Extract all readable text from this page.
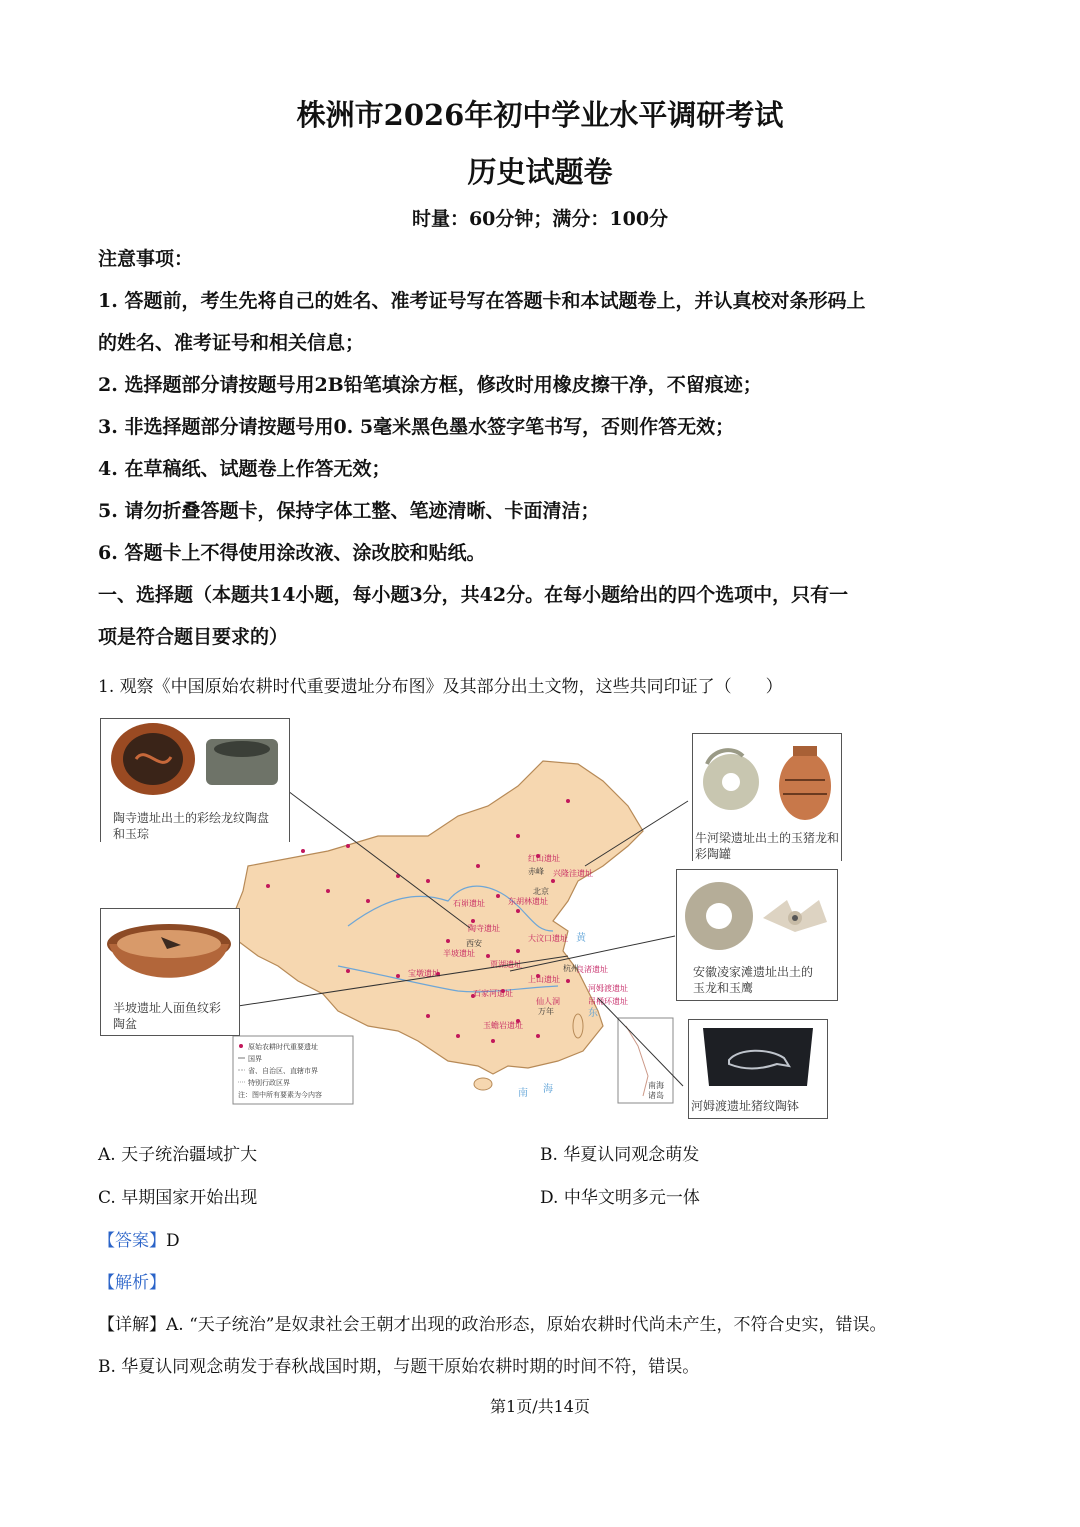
株洲市2026年初中学业水平调研考试
历史试题卷
时量：60分钟；满分：100分
注意事项：
1. 答题前，考生先将自己的姓名、准考证号写在答题卡和本试题卷上，并认真校对条形码上
的姓名、准考证号和相关信息；
2. 选择题部分请按题号用2B铅笔填涂方框，修改时用橡皮擦干净，不留痕迹；
3. 非选择题部分请按题号用0. 5毫米黑色墨水签字笔书写，否则作答无效；
4. 在草稿纸、试题卷上作答无效；
5. 请勿折叠答题卡，保持字体工整、笔迹清晰、卡面清洁；
6. 答题卡上不得使用涂改液、涂改胶和贴纸。
一、选择题（本题共14小题，每小题3分，共42分。在每小题给出的四个选项中，只有一
项是符合题目要求的）
1. 观察《中国原始农耕时代重要遗址分布图》及其部分出土文物，这些共同印证了（　　）
南海
诸岛
红山遗址
赤峰 兴隆洼遗址
北京
石峁遗址	东胡林遗址
陶寺遗址
西安
半坡遗址
贾湖遗址
大汶口遗址
宝墩遗址
石家河遗址
良渚遗址
上山遗址
河姆渡遗址
仙人洞	吊桶环遗址
万年
玉蟾岩遗址
杭州
黄
东
南 海
原始农耕时代重要遗址
国界
省、自治区、直辖市界
特别行政区界
注：图中所有要素为今内容
陶寺遗址出土的彩绘龙纹陶盘和玉琮
半坡遗址人面鱼纹彩陶盆
牛河梁遗址出土的玉猪龙和彩陶罐
安徽凌家滩遗址出土的玉龙和玉鹰
河姆渡遗址猪纹陶钵
A. 天子统治疆域扩大	B. 华夏认同观念萌发
C. 早期国家开始出现	D. 中华文明多元一体
【答案】D
【解析】
【详解】A. “天子统治”是奴隶社会王朝才出现的政治形态，原始农耕时代尚未产生，不符合史实，错误。
B. 华夏认同观念萌发于春秋战国时期，与题干原始农耕时期的时间不符，错误。
第1页/共14页
